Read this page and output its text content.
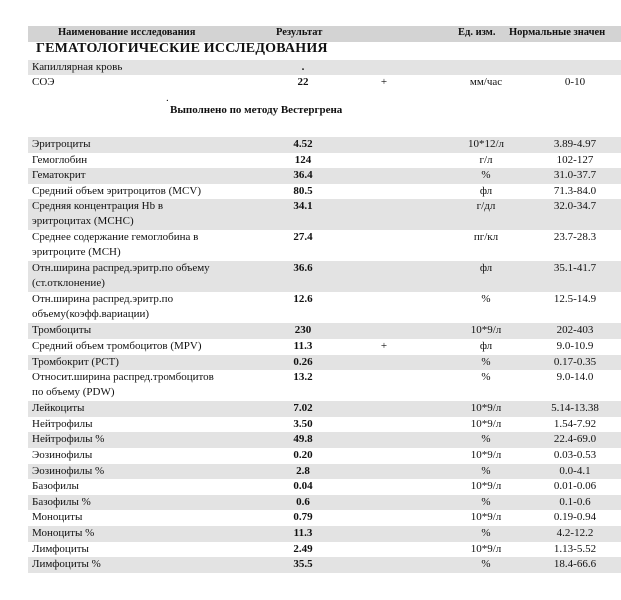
Наименование исследования	Результат	Ед. изм. Нормальные значен
ГЕМАТОЛОГИЧЕСКИЕ ИССЛЕДОВАНИЯ
Капиллярная кровь	.
СОЭ	22	+	мм/час	0-10
.
Выполнено по методу Вестергрена
Эритроциты	4.52	10*12/л	3.89-4.97
Гемоглобин	124	г/л	102-127
Гематокрит	36.4	%	31.0-37.7
Средний объем эритроцитов (MCV)	80.5	фл	71.3-84.0
Средняя концентрация Hb в
эритроцитах (MCHC)
34.1	г/дл	32.0-34.7
Среднее содержание гемоглобина в
эритроците (MCH)
27.4	пг/кл	23.7-28.3
Отн.ширина распред.эритр.по объему
(ст.отклонение)
36.6	фл	35.1-41.7
Отн.ширина распред.эритр.по
объему(коэфф.вариации)
12.6	%	12.5-14.9
Тромбоциты	230	10*9/л	202-403
Средний объем тромбоцитов (MPV)	11.3	+	фл	9.0-10.9
Тромбокрит (PCT)	0.26	%	0.17-0.35
Относит.ширина распред.тромбоцитов
по объему (PDW)
13.2	%	9.0-14.0
Лейкоциты	7.02	10*9/л	5.14-13.38
Нейтрофилы	3.50	10*9/л	1.54-7.92
Нейтрофилы %	49.8	%	22.4-69.0
Эозинофилы	0.20	10*9/л	0.03-0.53
Эозинофилы %	2.8	%	0.0-4.1
Базофилы	0.04	10*9/л	0.01-0.06
Базофилы %	0.6	%	0.1-0.6
Моноциты	0.79	10*9/л	0.19-0.94
Моноциты %	11.3	%	4.2-12.2
Лимфоциты	2.49	10*9/л	1.13-5.52
Лимфоциты %	35.5	%	18.4-66.6
